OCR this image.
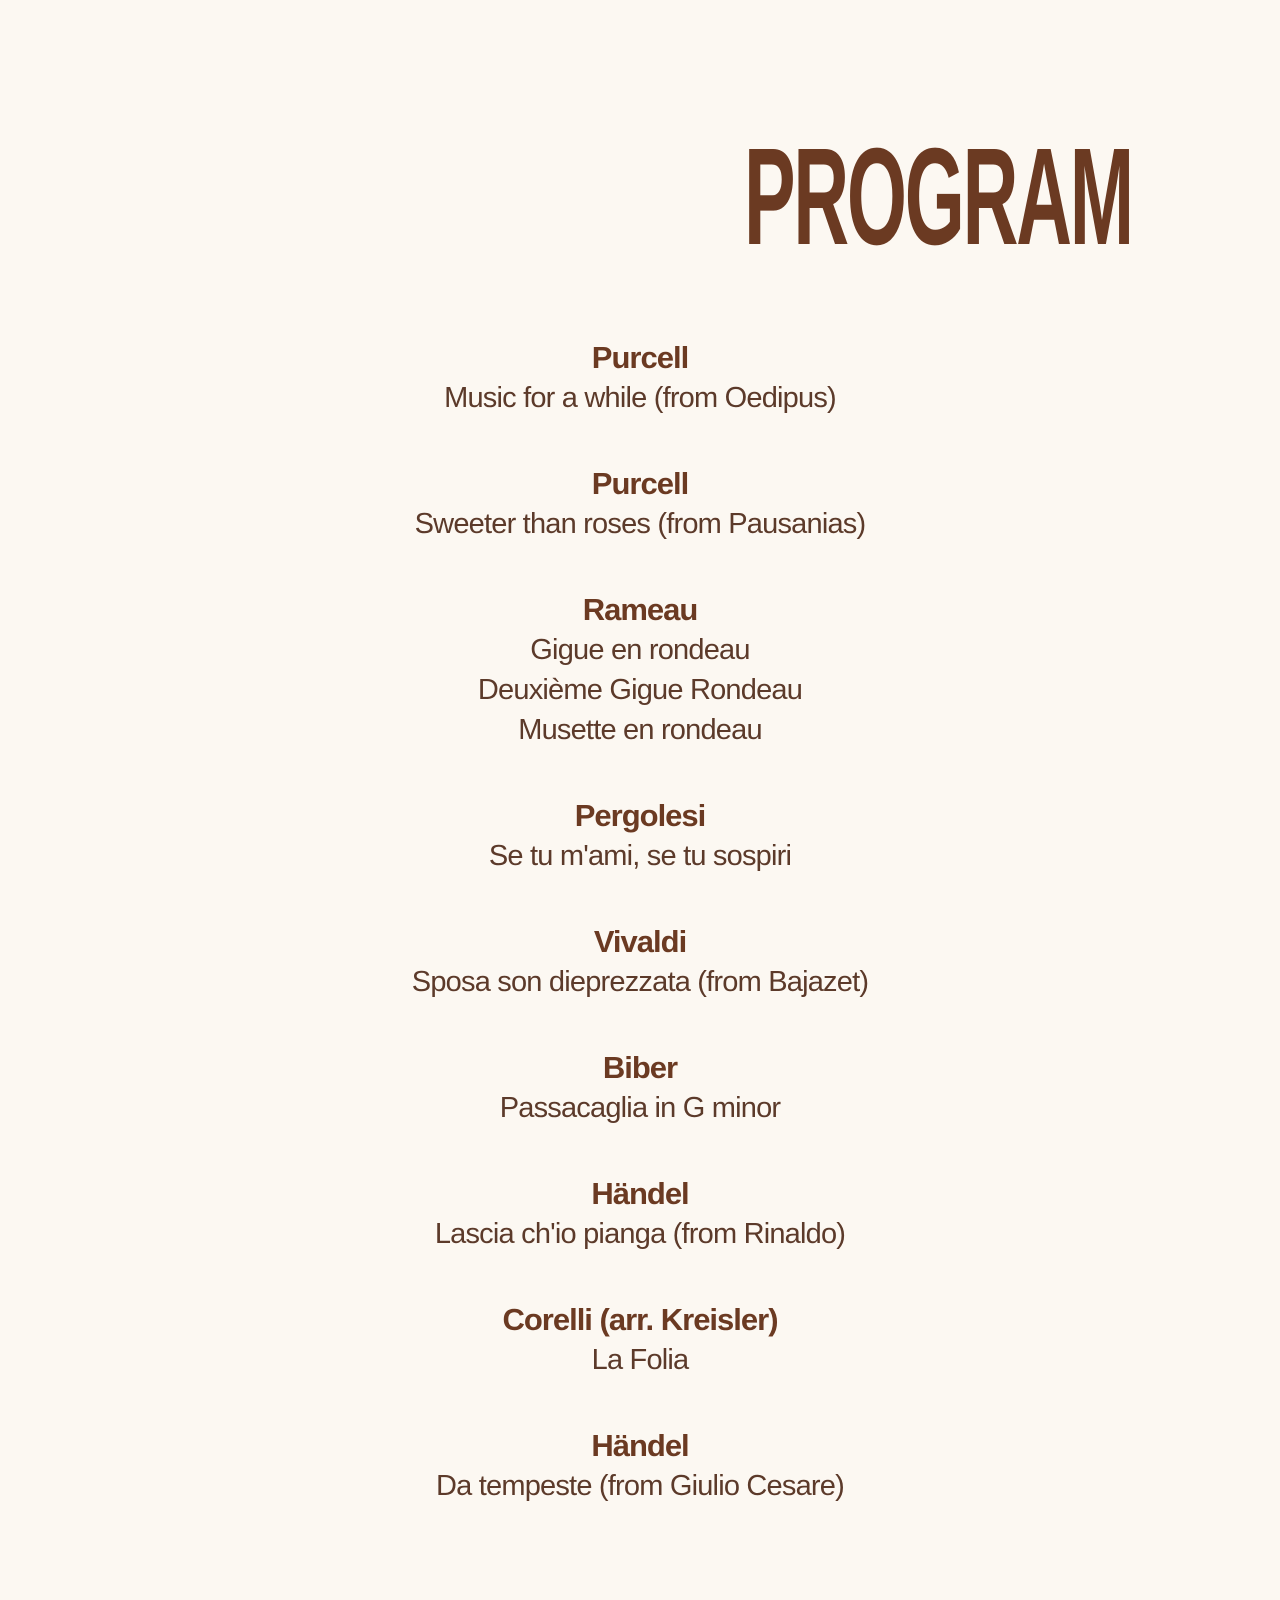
PROGRAM
Purcell
Music for a while (from Oedipus)
Purcell
Sweeter than roses (from Pausanias)
Rameau
Gigue en rondeau
Deuxième Gigue Rondeau
Musette en rondeau
Pergolesi
Se tu m'ami, se tu sospiri
Vivaldi
Sposa son dieprezzata (from Bajazet)
Biber
Passacaglia in G minor
Händel
Lascia ch'io pianga (from Rinaldo)
Corelli (arr. Kreisler)
La Folia
Händel
Da tempeste (from Giulio Cesare)
